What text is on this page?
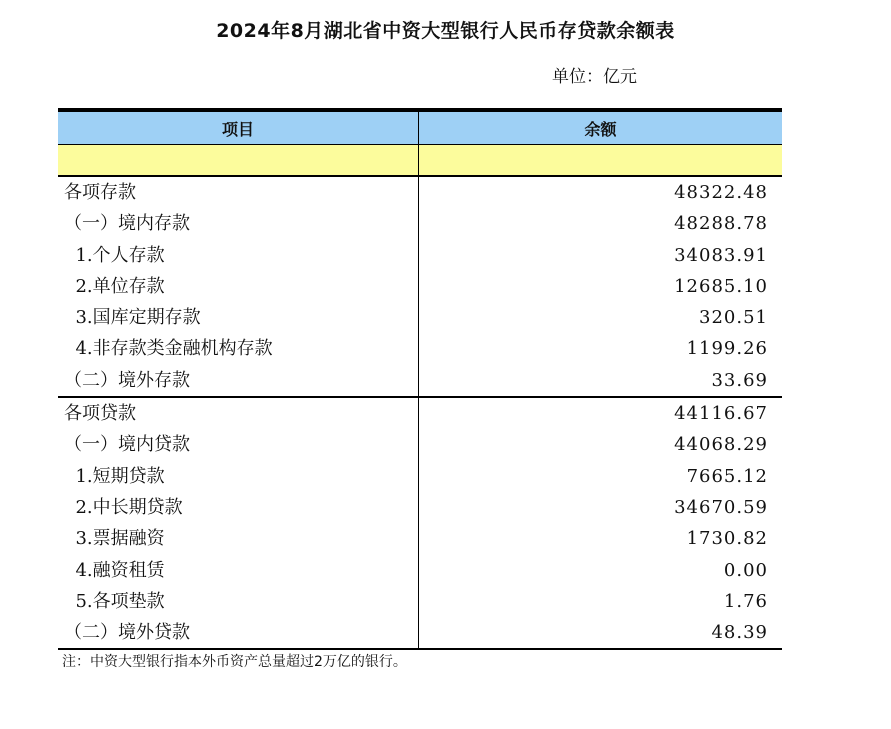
2024年8月湖北省中资大型银行人民币存贷款余额表
单位：亿元
项目	余额
各项存款	48322.48
（一）境内存款	48288.78
1.个人存款	34083.91
2.单位存款	12685.10
3.国库定期存款	320.51
4.非存款类金融机构存款	1199.26
（二）境外存款	33.69
各项贷款	44116.67
（一）境内贷款	44068.29
1.短期贷款	7665.12
2.中长期贷款	34670.59
3.票据融资	1730.82
4.融资租赁	0.00
5.各项垫款	1.76
（二）境外贷款	48.39
注：中资大型银行指本外币资产总量超过2万亿的银行。
